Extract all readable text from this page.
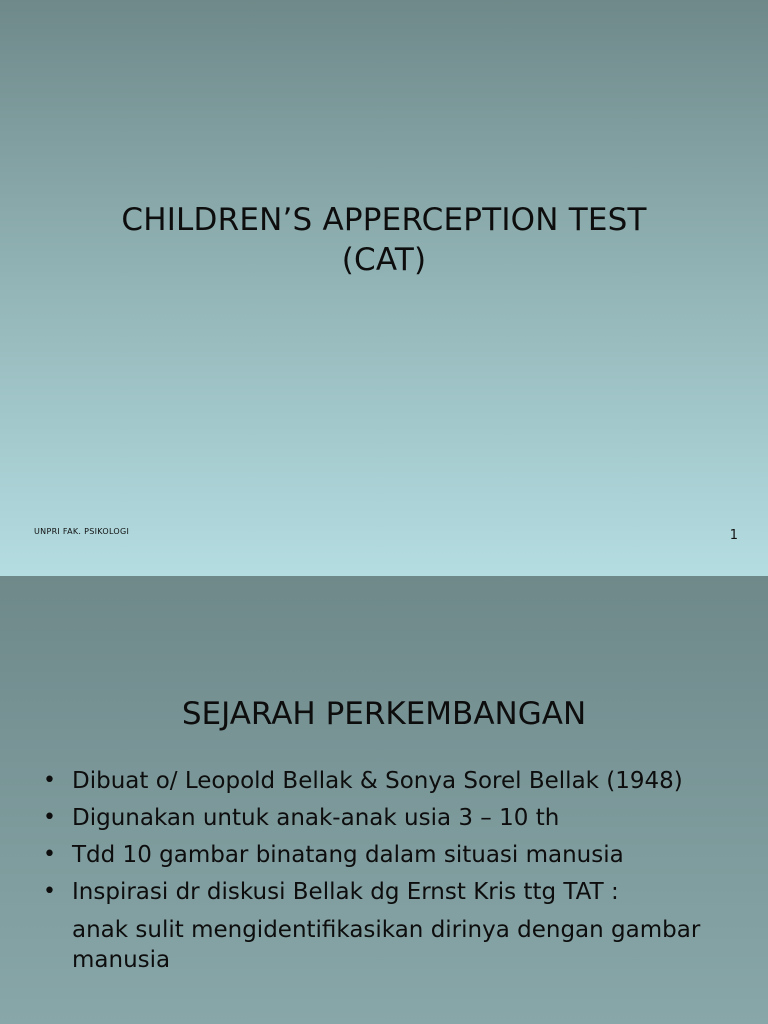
CHILDREN’S APPERCEPTION TEST
(CAT)
UNPRI FAK. PSIKOLOGI	1
SEJARAH PERKEMBANGAN
• Dibuat o/ Leopold Bellak & Sonya Sorel Bellak (1948)
• Digunakan untuk anak-anak usia 3 – 10 th
• Tdd 10 gambar binatang dalam situasi manusia
• Inspirasi dr diskusi Bellak dg Ernst Kris ttg TAT :
anak sulit mengidentifikasikan dirinya dengan gambar manusia
